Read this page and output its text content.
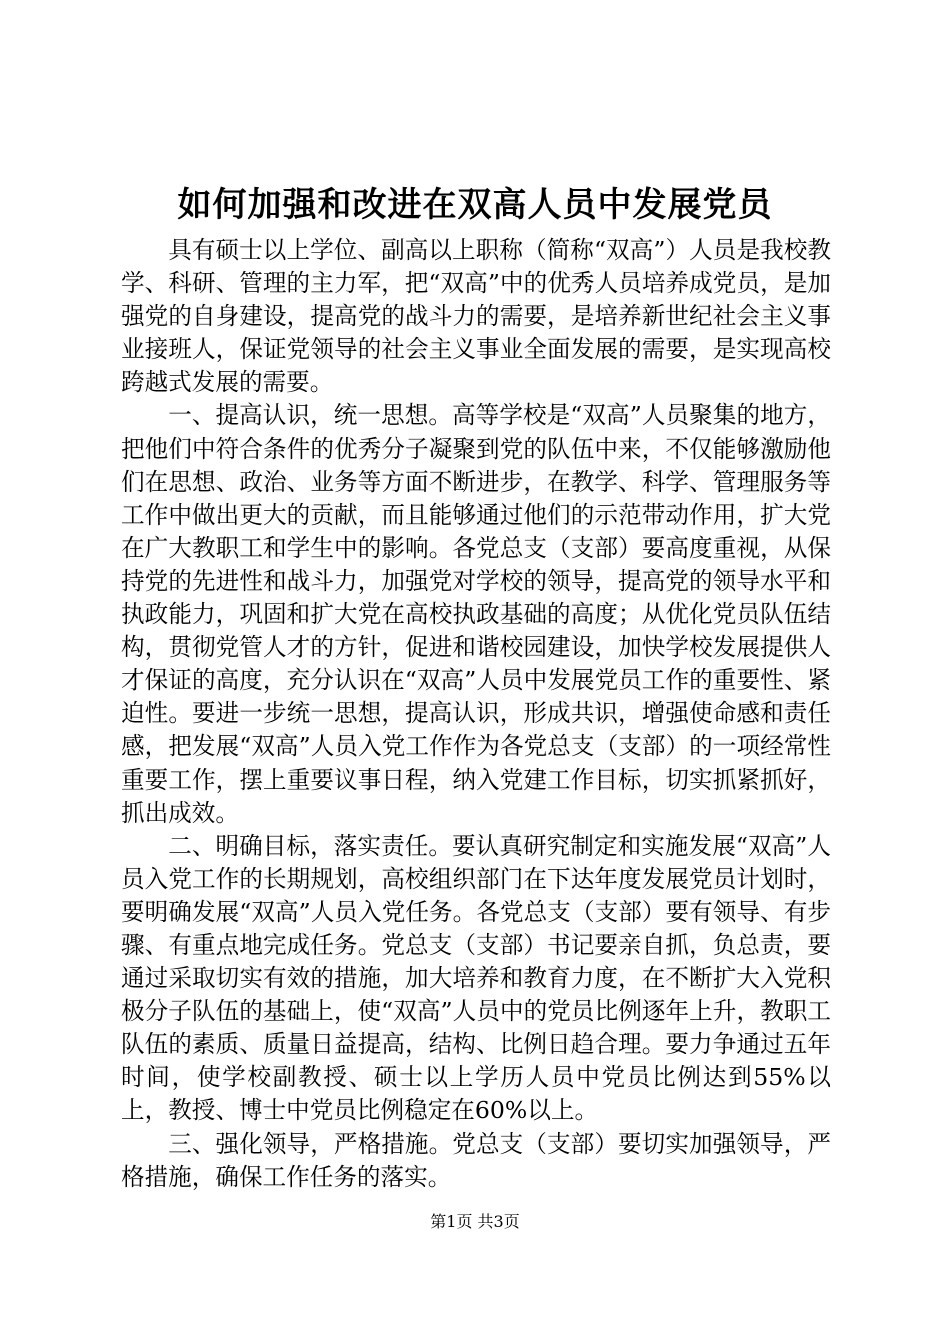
如何加强和改进在双高人员中发展党员

具有硕士以上学位、副高以上职称（简称“双高”）人员是我校教学、科研、管理的主力军，把“双高”中的优秀人员培养成党员，是加强党的自身建设，提高党的战斗力的需要，是培养新世纪社会主义事业接班人，保证党领导的社会主义事业全面发展的需要，是实现高校跨越式发展的需要。

一、提高认识，统一思想。高等学校是“双高”人员聚集的地方，把他们中符合条件的优秀分子凝聚到党的队伍中来，不仅能够激励他们在思想、政治、业务等方面不断进步，在教学、科学、管理服务等工作中做出更大的贡献，而且能够通过他们的示范带动作用，扩大党在广大教职工和学生中的影响。各党总支（支部）要高度重视，从保持党的先进性和战斗力，加强党对学校的领导，提高党的领导水平和执政能力，巩固和扩大党在高校执政基础的高度；从优化党员队伍结构，贯彻党管人才的方针，促进和谐校园建设，加快学校发展提供人才保证的高度，充分认识在“双高”人员中发展党员工作的重要性、紧迫性。要进一步统一思想，提高认识，形成共识，增强使命感和责任感，把发展“双高”人员入党工作作为各党总支（支部）的一项经常性重要工作，摆上重要议事日程，纳入党建工作目标，切实抓紧抓好，抓出成效。

二、明确目标，落实责任。要认真研究制定和实施发展“双高”人员入党工作的长期规划，高校组织部门在下达年度发展党员计划时，要明确发展“双高”人员入党任务。各党总支（支部）要有领导、有步骤、有重点地完成任务。党总支（支部）书记要亲自抓，负总责，要通过采取切实有效的措施，加大培养和教育力度，在不断扩大入党积极分子队伍的基础上，使“双高”人员中的党员比例逐年上升，教职工队伍的素质、质量日益提高，结构、比例日趋合理。要力争通过五年时间，使学校副教授、硕士以上学历人员中党员比例达到55%以上，教授、博士中党员比例稳定在60%以上。

三、强化领导，严格措施。党总支（支部）要切实加强领导，严格措施，确保工作任务的落实。

第1页 共3页
